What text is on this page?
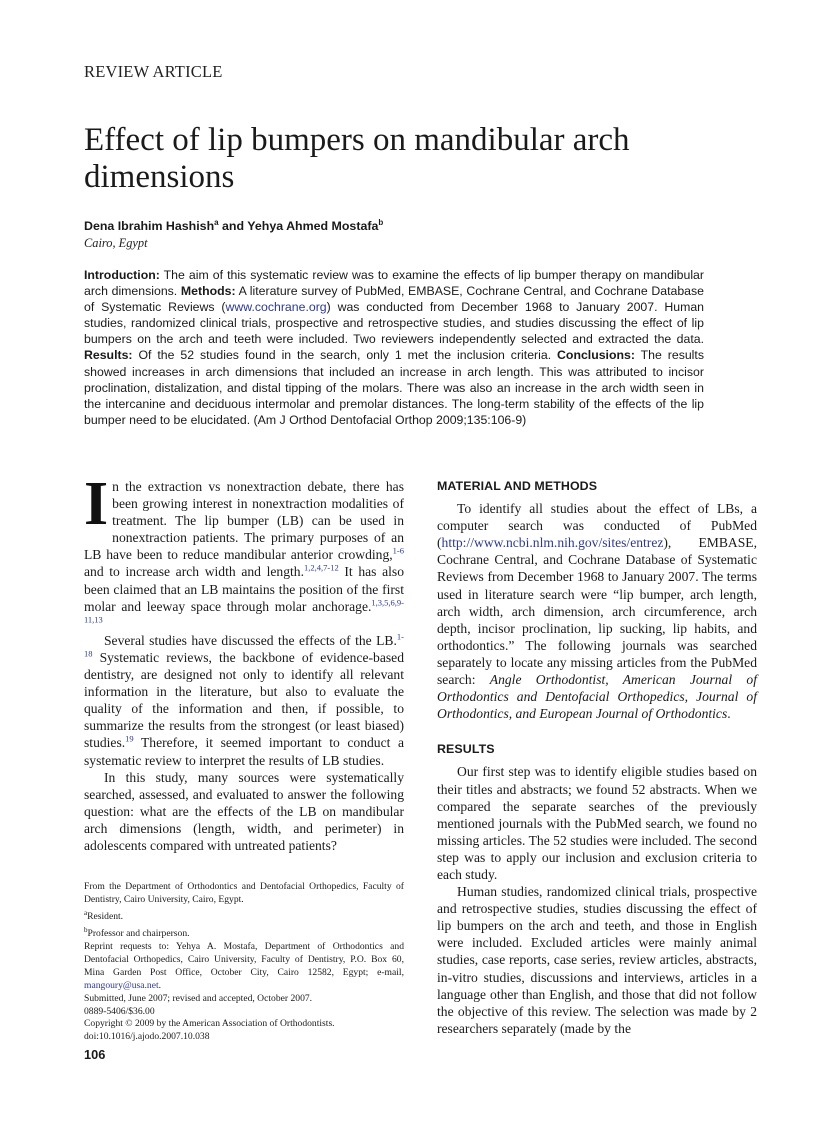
REVIEW ARTICLE
Effect of lip bumpers on mandibular arch dimensions
Dena Ibrahim Hashish$^a$ and Yehya Ahmed Mostafa$^b$
Cairo, Egypt

Introduction: The aim of this systematic review was to examine the effects of lip bumper therapy on mandibular arch dimensions. Methods: A literature survey of PubMed, EMBASE, Cochrane Central, and Cochrane Database of Systematic Reviews (www.cochrane.org) was conducted from December 1968 to January 2007. Human studies, randomized clinical trials, prospective and retrospective studies, and studies discussing the effect of lip bumpers on the arch and teeth were included. Two reviewers independently selected and extracted the data. Results: Of the 52 studies found in the search, only 1 met the inclusion criteria. Conclusions: The results showed increases in arch dimensions that included an increase in arch length. This was attributed to incisor proclination, distalization, and distal tipping of the molars. There was also an increase in the arch width seen in the intercanine and deciduous intermolar and premolar distances. The long-term stability of the effects of the lip bumper need to be elucidated. (Am J Orthod Dentofacial Orthop 2009;135:106-9)

In the extraction vs nonextraction debate, there has been growing interest in nonextraction modalities of treatment. The lip bumper (LB) can be used in nonextraction patients. The primary purposes of an LB have been to reduce mandibular anterior crowding,$^{1-6}$ and to increase arch width and length.$^{1,2,4,7-12}$ It has also been claimed that an LB maintains the position of the first molar and leeway space through molar anchorage.$^{1,3,5,6,9-11,13}$

Several studies have discussed the effects of the LB.$^{1-18}$ Systematic reviews, the backbone of evidence-based dentistry, are designed not only to identify all relevant information in the literature, but also to evaluate the quality of the information and then, if possible, to summarize the results from the strongest (or least biased) studies.$^{19}$ Therefore, it seemed important to conduct a systematic review to interpret the results of LB studies.

In this study, many sources were systematically searched, assessed, and evaluated to answer the following question: what are the effects of the LB on mandibular arch dimensions (length, width, and perimeter) in adolescents compared with untreated patients?

From the Department of Orthodontics and Dentofacial Orthopedics, Faculty of Dentistry, Cairo University, Cairo, Egypt.
$^a$Resident.
$^b$Professor and chairperson.
Reprint requests to: Yehya A. Mostafa, Department of Orthodontics and Dentofacial Orthopedics, Cairo University, Faculty of Dentistry, P.O. Box 60, Mina Garden Post Office, October City, Cairo 12582, Egypt; e-mail, mangoury@usa.net.
Submitted, June 2007; revised and accepted, October 2007.
0889-5406/$36.00
Copyright © 2009 by the American Association of Orthodontists.
doi:10.1016/j.ajodo.2007.10.038
106
MATERIAL AND METHODS

To identify all studies about the effect of LBs, a computer search was conducted of PubMed (http://www.ncbi.nlm.nih.gov/sites/entrez), EMBASE, Cochrane Central, and Cochrane Database of Systematic Reviews from December 1968 to January 2007. The terms used in literature search were “lip bumper, arch length, arch width, arch dimension, arch circumference, arch depth, incisor proclination, lip sucking, lip habits, and orthodontics.” The following journals was searched separately to locate any missing articles from the PubMed search: Angle Orthodontist, American Journal of Orthodontics and Dentofacial Orthopedics, Journal of Orthodontics, and European Journal of Orthodontics.

RESULTS

Our first step was to identify eligible studies based on their titles and abstracts; we found 52 abstracts. When we compared the separate searches of the previously mentioned journals with the PubMed search, we found no missing articles. The 52 studies were included. The second step was to apply our inclusion and exclusion criteria to each study.

Human studies, randomized clinical trials, prospective and retrospective studies, studies discussing the effect of lip bumpers on the arch and teeth, and those in English were included. Excluded articles were mainly animal studies, case reports, case series, review articles, abstracts, in-vitro studies, discussions and interviews, articles in a language other than English, and those that did not follow the objective of this review. The selection was made by 2 researchers separately (made by the
